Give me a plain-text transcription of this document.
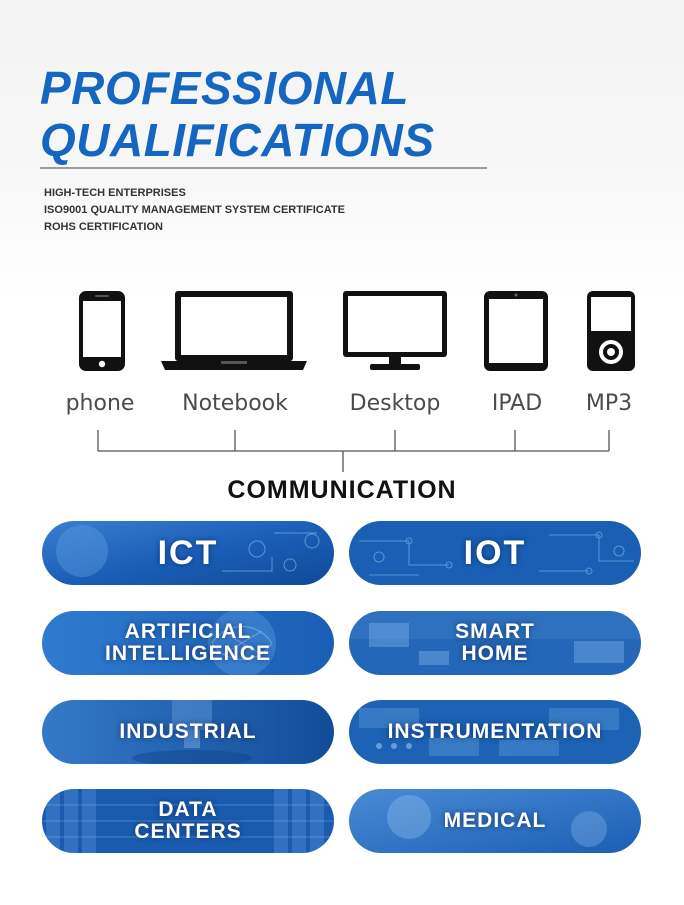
PROFESSIONAL
QUALIFICATIONS
HIGH-TECH ENTERPRISES
ISO9001 QUALITY MANAGEMENT SYSTEM CERTIFICATE
ROHS CERTIFICATION
phone Notebook	Desktop IPAD MP3
COMMUNICATION
ICT	IOT
ARTIFICIAL
INTELLIGENCE
SMART
HOME
INDUSTRIAL	INSTRUMENTATION
DATA
CENTERS	MEDICAL
